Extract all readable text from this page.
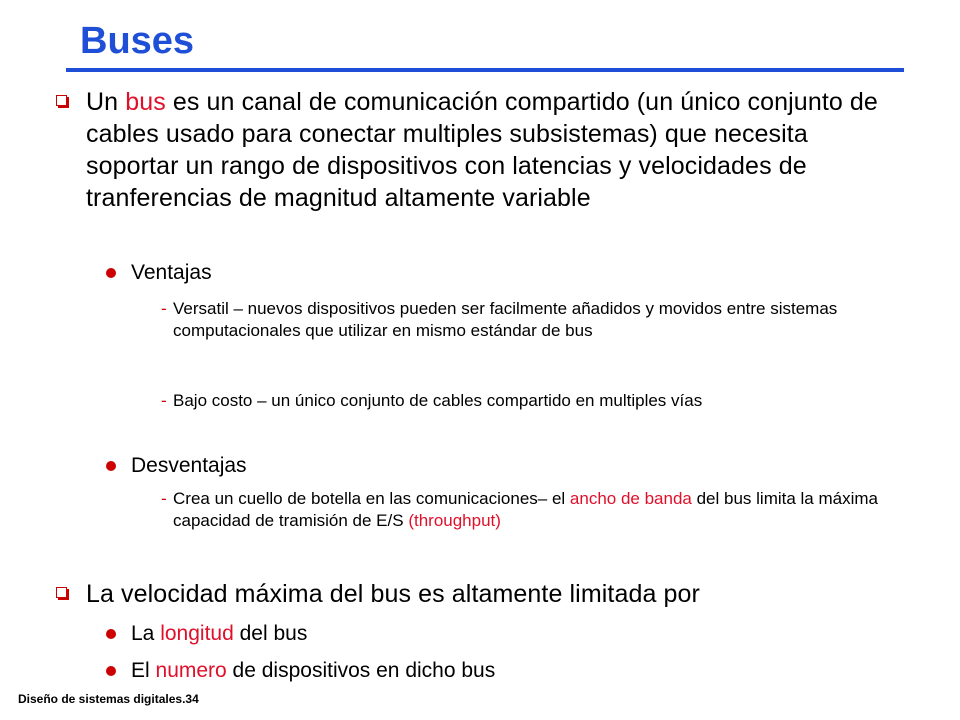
Buses
Un bus es un canal de comunicación compartido (un único conjunto de cables usado para conectar multiples subsistemas) que necesita soportar un rango de dispositivos con latencias y velocidades de tranferencias de magnitud altamente variable
Ventajas
- Versatil – nuevos dispositivos pueden ser facilmente añadidos y movidos entre sistemas computacionales que utilizar en mismo estándar de bus
- Bajo costo – un único conjunto de cables compartido en multiples vías
Desventajas
- Crea un cuello de botella en las comunicaciones– el ancho de banda del bus limita la máxima capacidad de tramisión de E/S (throughput)
La velocidad máxima del bus es altamente limitada por
La longitud del bus
El numero de dispositivos en dicho bus
Diseño de sistemas digitales.34
